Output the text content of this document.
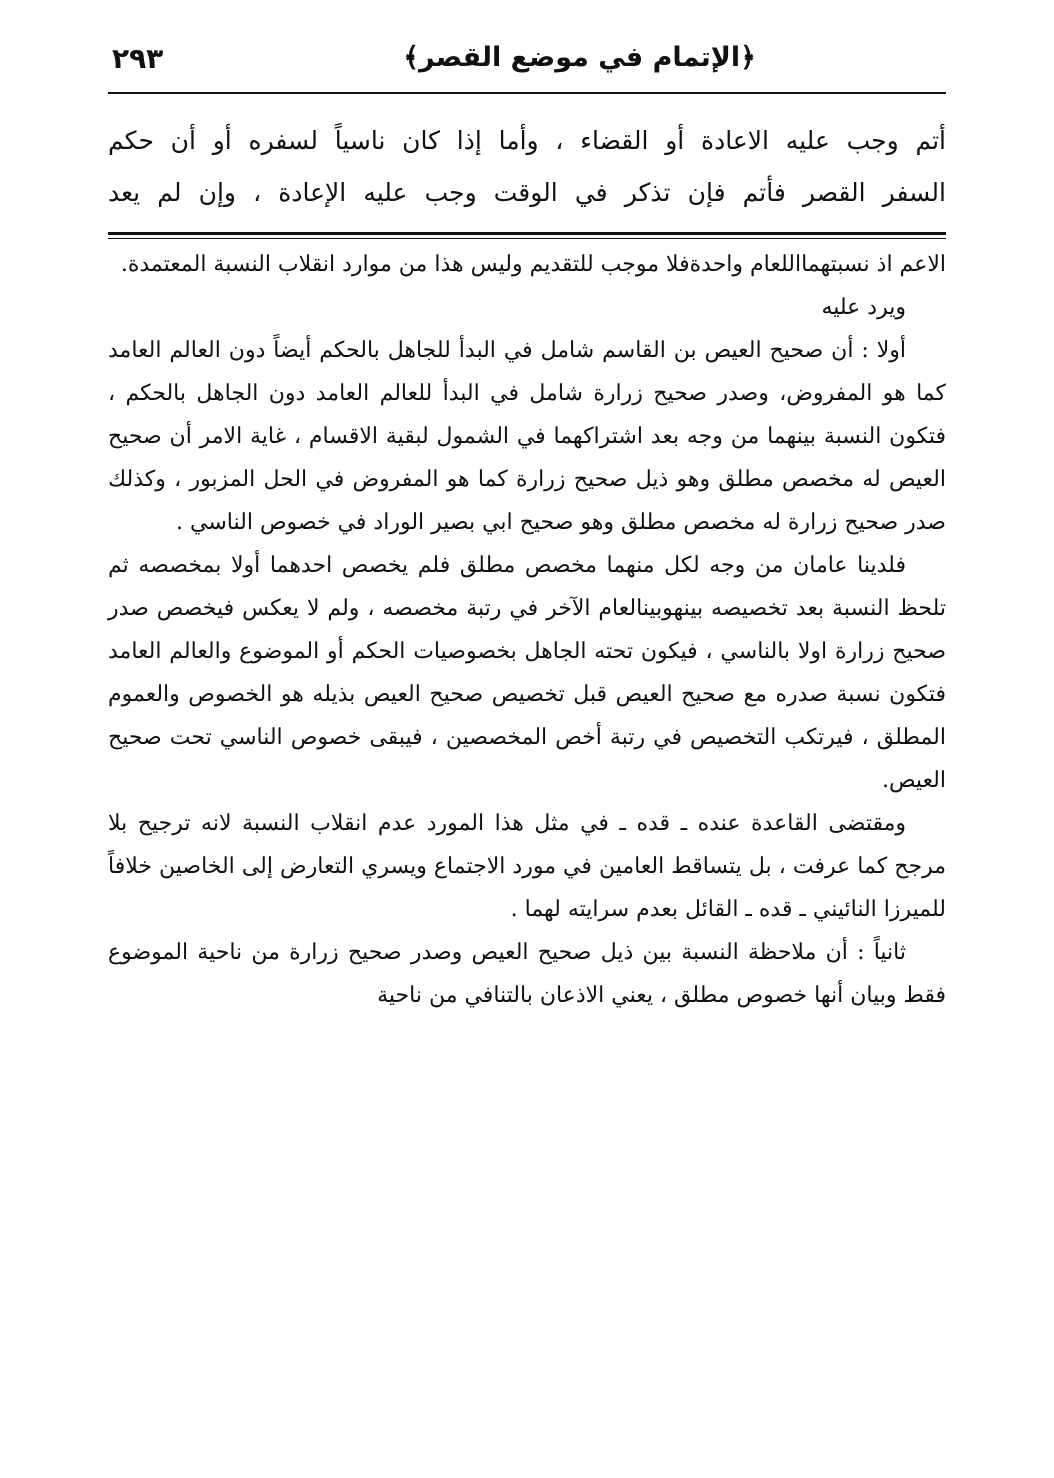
﴿الإتمام في موضع القصر﴾
٢٩٣
أتم وجب عليه الاعادة أو القضاء ، وأما إذا كان ناسياً لسفره أو أن حكم
السفر القصر فأتم فإن تذكر في الوقت وجب عليه الإعادة ، وإن لم يعد

الاعم اذ نسبتهمااللعام واحدةفلا موجب للتقديم وليس هذا من موارد انقلاب النسبة المعتمدة.

ويرد عليه

أولا : أن صحيح العيص بن القاسم شامل في البدأ للجاهل بالحكم أيضاً دون العالم العامد كما هو المفروض، وصدر صحيح زرارة شامل في البدأ للعالم العامد دون الجاهل بالحكم ، فتكون النسبة بينهما من وجه بعد اشتراكهما في الشمول لبقية الاقسام ، غاية الامر أن صحيح العيص له مخصص مطلق وهو ذيل صحيح زرارة كما هو المفروض في الحل المزبور ، وكذلك صدر صحيح زرارة له مخصص مطلق وهو صحيح ابي بصير الوراد في خصوص الناسي .

فلدينا عامان من وجه لكل منهما مخصص مطلق فلم يخصص احدهما أولا بمخصصه ثم تلحظ النسبة بعد تخصيصه بينهوبينالعام الآخر في رتبة مخصصه ، ولم لا يعكس فيخصص صدر صحيح زرارة اولا بالناسي ، فيكون تحته الجاهل بخصوصيات الحكم أو الموضوع والعالم العامد فتكون نسبة صدره مع صحيح العيص قبل تخصيص صحيح العيص بذيله هو الخصوص والعموم المطلق ، فيرتكب التخصيص في رتبة أخص المخصصين ، فيبقى خصوص الناسي تحت صحيح العيص.

ومقتضى القاعدة عنده ـ قده ـ في مثل هذا المورد عدم انقلاب النسبة لانه ترجيح بلا مرجح كما عرفت ، بل يتساقط العامين في مورد الاجتماع ويسري التعارض إلى الخاصين خلافاً للميرزا النائيني ـ قده ـ القائل بعدم سرايته لهما .

ثانياً : أن ملاحظة النسبة بين ذيل صحيح العيص وصدر صحيح زرارة من ناحية الموضوع فقط وبيان أنها خصوص مطلق ، يعني الاذعان بالتنافي من ناحية
